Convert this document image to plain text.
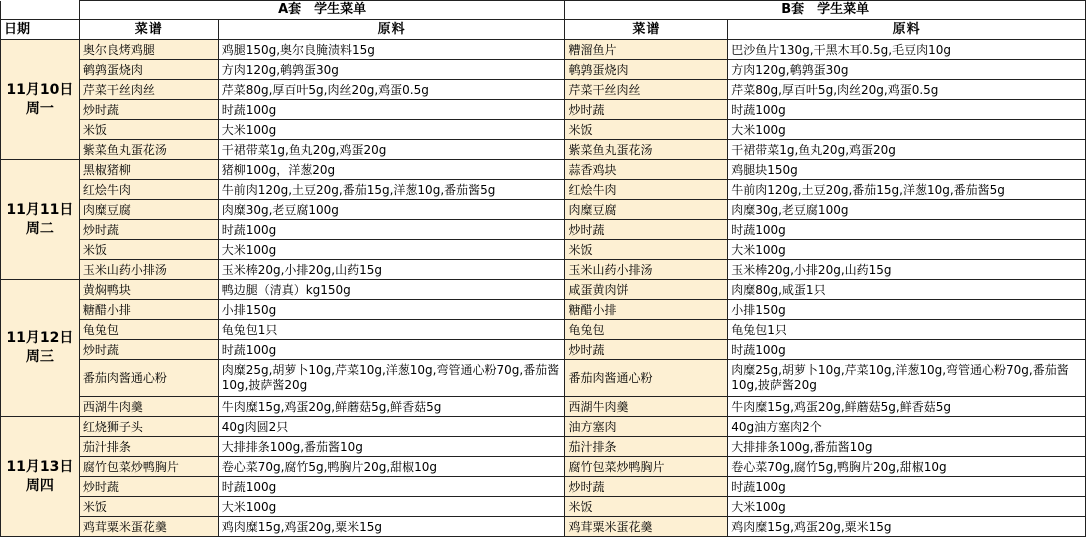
	A套　学生菜单		B套　学生菜单	
日期	菜谱	原料	菜谱	原料

11月10日
周一	奥尔良烤鸡腿	鸡腿150g,奥尔良腌渍料15g	糟溜鱼片	巴沙鱼片130g,干黑木耳0.5g,毛豆肉10g
	鹌鹑蛋烧肉	方肉120g,鹌鹑蛋30g	鹌鹑蛋烧肉	方肉120g,鹌鹑蛋30g
	芹菜干丝肉丝	芹菜80g,厚百叶5g,肉丝20g,鸡蛋0.5g	芹菜干丝肉丝	芹菜80g,厚百叶5g,肉丝20g,鸡蛋0.5g
	炒时蔬	时蔬100g	炒时蔬	时蔬100g
	米饭	大米100g	米饭	大米100g
	紫菜鱼丸蛋花汤	干裙带菜1g,鱼丸20g,鸡蛋20g	紫菜鱼丸蛋花汤	干裙带菜1g,鱼丸20g,鸡蛋20g

11月11日
周二	黑椒猪柳	猪柳100g，洋葱20g	蒜香鸡块	鸡腿块150g
	红烩牛肉	牛前肉120g,土豆20g,番茄15g,洋葱10g,番茄酱5g	红烩牛肉	牛前肉120g,土豆20g,番茄15g,洋葱10g,番茄酱5g
	肉糜豆腐	肉糜30g,老豆腐100g	肉糜豆腐	肉糜30g,老豆腐100g
	炒时蔬	时蔬100g	炒时蔬	时蔬100g
	米饭	大米100g	米饭	大米100g
	玉米山药小排汤	玉米棒20g,小排20g,山药15g	玉米山药小排汤	玉米棒20g,小排20g,山药15g

11月12日
周三	黄焖鸭块	鸭边腿（清真）kg150g	咸蛋黄肉饼	肉糜80g,咸蛋1只
	糖醋小排	小排150g	糖醋小排	小排150g
	龟兔包	龟兔包1只	龟兔包	龟兔包1只
	炒时蔬	时蔬100g	炒时蔬	时蔬100g
	番茄肉酱通心粉	肉糜25g,胡萝卜10g,芹菜10g,洋葱10g,弯管通心粉70g,番茄酱10g,披萨酱20g	番茄肉酱通心粉	肉糜25g,胡萝卜10g,芹菜10g,洋葱10g,弯管通心粉70g,番茄酱10g,披萨酱20g
	西湖牛肉羹	牛肉糜15g,鸡蛋20g,鲜蘑菇5g,鲜香菇5g	西湖牛肉羹	牛肉糜15g,鸡蛋20g,鲜蘑菇5g,鲜香菇5g

11月13日
周四	红烧狮子头	40g肉圆2只	油方塞肉	40g油方塞肉2个
	茄汁排条	大排排条100g,番茄酱10g	茄汁排条	大排排条100g,番茄酱10g
	腐竹包菜炒鸭胸片	卷心菜70g,腐竹5g,鸭胸片20g,甜椒10g	腐竹包菜炒鸭胸片	卷心菜70g,腐竹5g,鸭胸片20g,甜椒10g
	炒时蔬	时蔬100g	炒时蔬	时蔬100g
	米饭	大米100g	米饭	大米100g
	鸡茸粟米蛋花羹	鸡肉糜15g,鸡蛋20g,粟米15g	鸡茸粟米蛋花羹	鸡肉糜15g,鸡蛋20g,粟米15g
